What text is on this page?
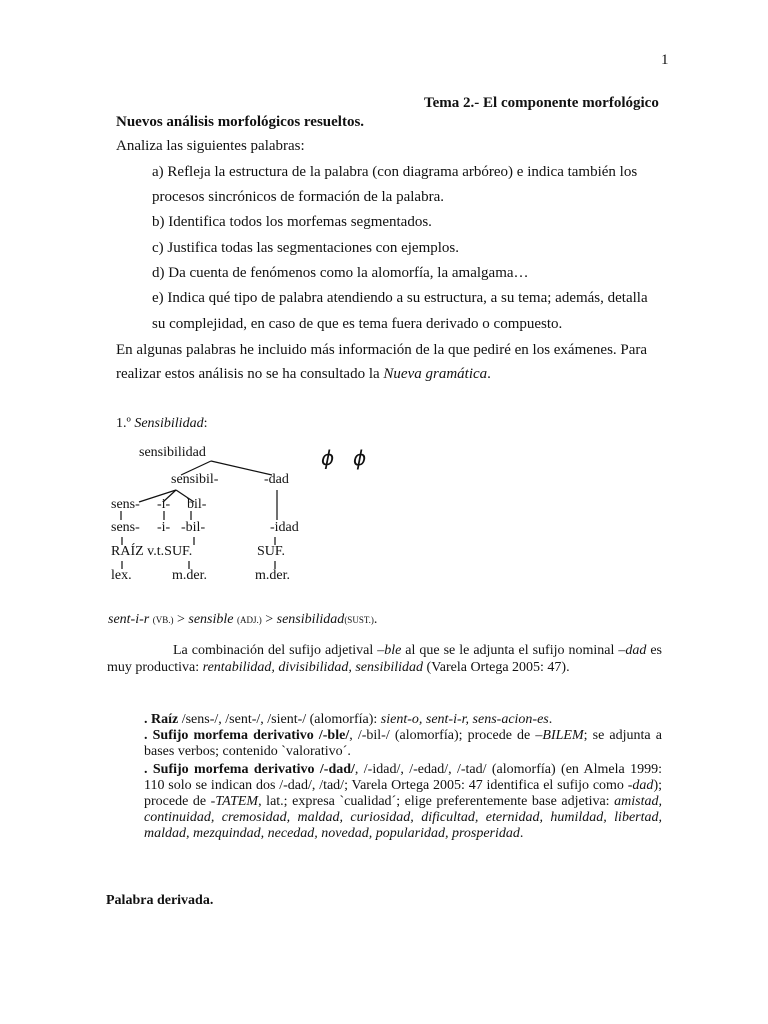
1
Tema 2.- El componente morfológico
Nuevos análisis morfológicos resueltos.
Analiza las siguientes palabras:
a) Refleja la estructura de la palabra (con diagrama arbóreo) e indica también los
procesos sincrónicos de formación de la palabra.
b) Identifica todos los morfemas segmentados.
c) Justifica todas las segmentaciones con ejemplos.
d) Da cuenta de fenómenos como la alomorfía, la amalgama…
e) Indica qué tipo de palabra atendiendo a su estructura, a su tema; además, detalla
su complejidad, en caso de que es tema fuera derivado o compuesto.
En algunas palabras he incluido más información de la que pediré en los exámenes. Para
realizar estos análisis no se ha consultado la Nueva gramática.
1.º Sensibilidad:
sensibilidad
sensibil-	-dad
sens- -i- bil-
sens- -i- -bil-	-idad
RAÍZ v.t.SUF.	SUF.
lex.	m.der.	m.der.
ɸ ϕ
sent-i-r (VB.) > sensible (ADJ.) > sensibilidad(SUST.).
La combinación del sufijo adjetival –ble al que se le adjunta el sufijo nominal –dad es muy productiva: rentabilidad, divisibilidad, sensibilidad (Varela Ortega 2005: 47).
. Raíz /sens-/, /sent-/, /sient-/ (alomorfía): sient-o, sent-i-r, sens-acion-es.
. Sufijo morfema derivativo /-ble/, /-bil-/ (alomorfía); procede de –BILEM; se adjunta a bases verbos; contenido `valorativo´.
. Sufijo morfema derivativo /-dad/, /-idad/, /-edad/, /-tad/ (alomorfía) (en Almela 1999: 110 solo se indican dos /-dad/, /tad/; Varela Ortega 2005: 47 identifica el sufijo como -dad); procede de -TATEM, lat.; expresa `cualidad´; elige preferentemente base adjetiva: amistad, continuidad, cremosidad, maldad, curiosidad, dificultad, eternidad, humildad, libertad, maldad, mezquindad, necedad, novedad, popularidad, prosperidad.
Palabra derivada.
